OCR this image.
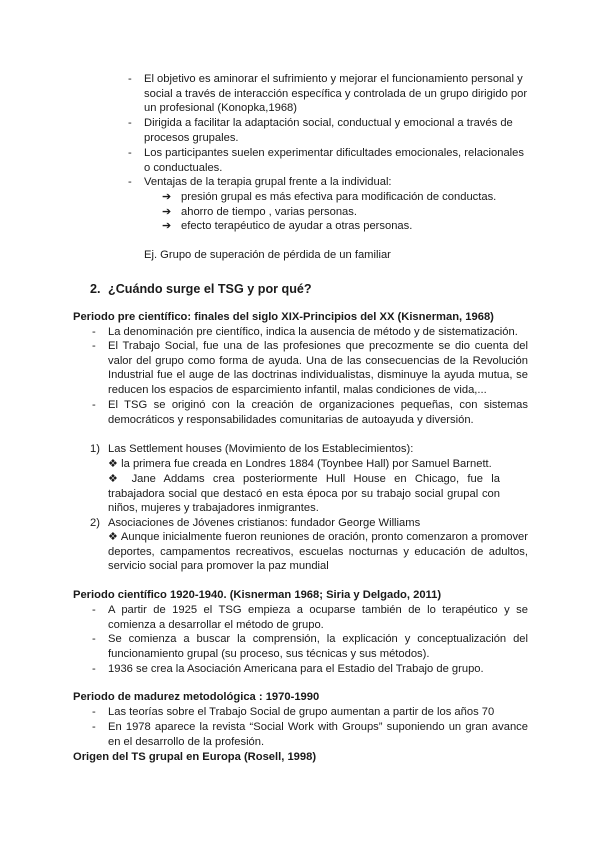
- El objetivo es aminorar el sufrimiento y mejorar el funcionamiento personal y social a través de interacción específica y controlada de un grupo dirigido por un profesional (Konopka,1968)
- Dirigida a facilitar la adaptación social, conductual y emocional a través de procesos grupales.
- Los participantes suelen experimentar dificultades emocionales, relacionales o conductuales.
- Ventajas de la terapia grupal frente a la individual:
➔ presión grupal es más efectiva para modificación de conductas.
➔ ahorro de tiempo , varias personas.
➔ efecto terapéutico de ayudar a otras personas.
Ej. Grupo de superación de pérdida de un familiar
2. ¿Cuándo surge el TSG y por qué?
Periodo pre científico: finales del siglo XIX-Principios del XX (Kisnerman, 1968)
- La denominación pre científico, indica la ausencia de método y de sistematización.
- El Trabajo Social, fue una de las profesiones que precozmente se dio cuenta del valor del grupo como forma de ayuda. Una de las consecuencias de la Revolución Industrial fue el auge de las doctrinas individualistas, disminuye la ayuda mutua, se reducen los espacios de esparcimiento infantil, malas condiciones de vida,...
- El TSG se originó con la creación de organizaciones pequeñas, con sistemas democráticos y responsabilidades comunitarias de autoayuda y diversión.
1) Las Settlement houses (Movimiento de los Establecimientos):
❖ la primera fue creada en Londres 1884 (Toynbee Hall) por Samuel Barnett.
❖ Jane Addams crea posteriormente Hull House en Chicago, fue la trabajadora social que destacó en esta época por su trabajo social grupal con niños, mujeres y trabajadores inmigrantes.
2) Asociaciones de Jóvenes cristianos: fundador George Williams
❖ Aunque inicialmente fueron reuniones de oración, pronto comenzaron a promover deportes, campamentos recreativos, escuelas nocturnas y educación de adultos, servicio social para promover la paz mundial
Periodo científico 1920-1940. (Kisnerman 1968; Siria y Delgado, 2011)
- A partir de 1925 el TSG empieza a ocuparse también de lo terapéutico y se comienza a desarrollar el método de grupo.
- Se comienza a buscar la comprensión, la explicación y conceptualización del funcionamiento grupal (su proceso, sus técnicas y sus métodos).
- 1936 se crea la Asociación Americana para el Estadio del Trabajo de grupo.
Periodo de madurez metodológica : 1970-1990
- Las teorías sobre el Trabajo Social de grupo aumentan a partir de los años 70
- En 1978 aparece la revista “Social Work with Groups” suponiendo un gran avance en el desarrollo de la profesión.
Origen del TS grupal en Europa (Rosell, 1998)
